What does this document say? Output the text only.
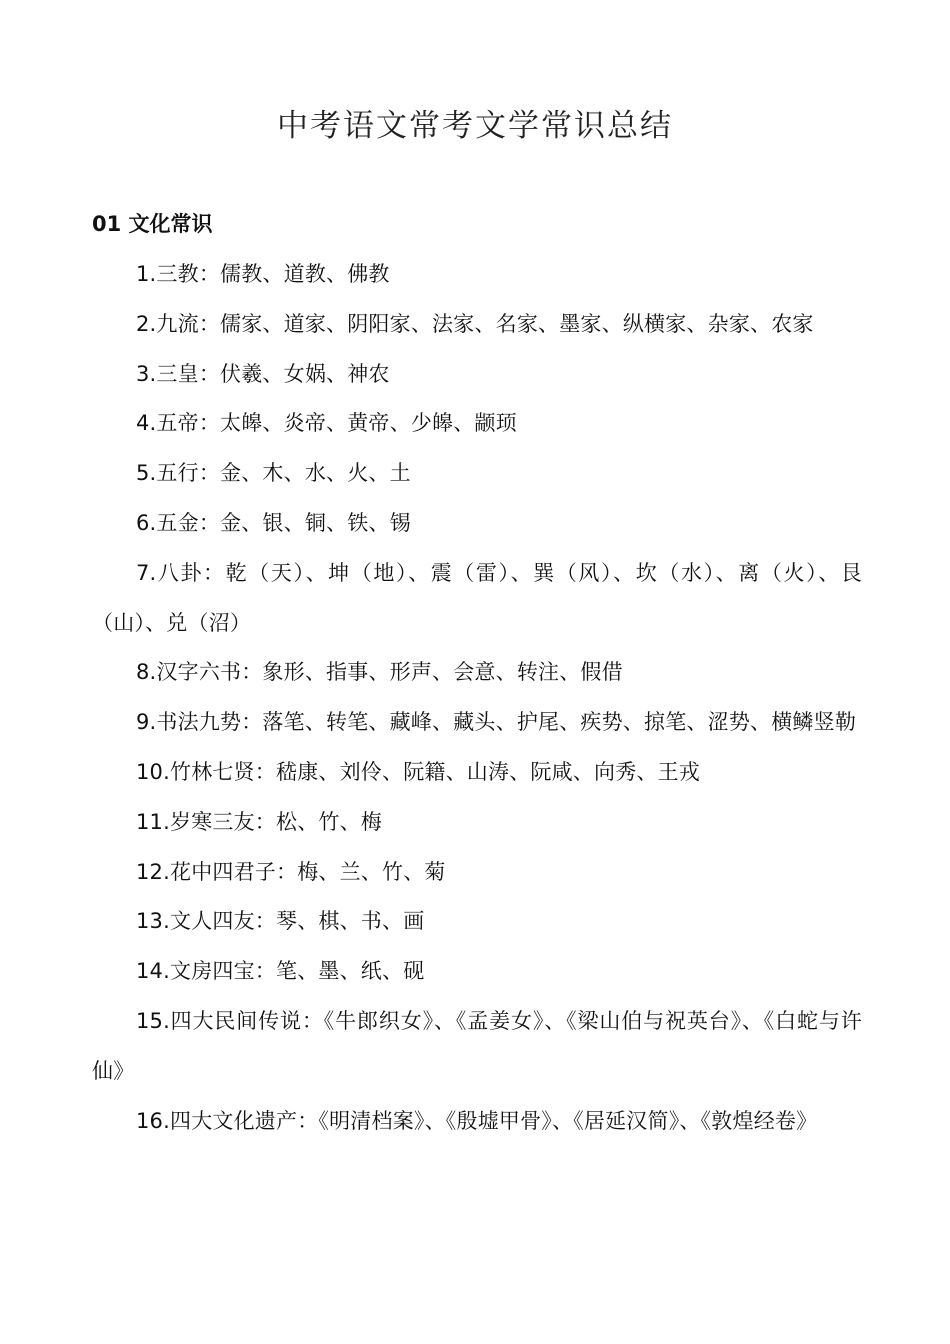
中考语文常考文学常识总结
01 文化常识
1.三教：儒教、道教、佛教
2.九流：儒家、道家、阴阳家、法家、名家、墨家、纵横家、杂家、农家
3.三皇：伏羲、女娲、神农
4.五帝：太皞、炎帝、黄帝、少皞、颛顼
5.五行：金、木、水、火、土
6.五金：金、银、铜、铁、锡
7.八卦：乾（天）、坤（地）、震（雷）、巽（风）、坎（水）、离（火）、艮（山）、兑（沼）
8.汉字六书：象形、指事、形声、会意、转注、假借
9.书法九势：落笔、转笔、藏峰、藏头、护尾、疾势、掠笔、涩势、横鳞竖勒
10.竹林七贤：嵇康、刘伶、阮籍、山涛、阮咸、向秀、王戎
11.岁寒三友：松、竹、梅
12.花中四君子：梅、兰、竹、菊
13.文人四友：琴、棋、书、画
14.文房四宝：笔、墨、纸、砚
15.四大民间传说：《牛郎织女》、《孟姜女》、《梁山伯与祝英台》、《白蛇与许仙》
16.四大文化遗产：《明清档案》、《殷墟甲骨》、《居延汉简》、《敦煌经卷》
